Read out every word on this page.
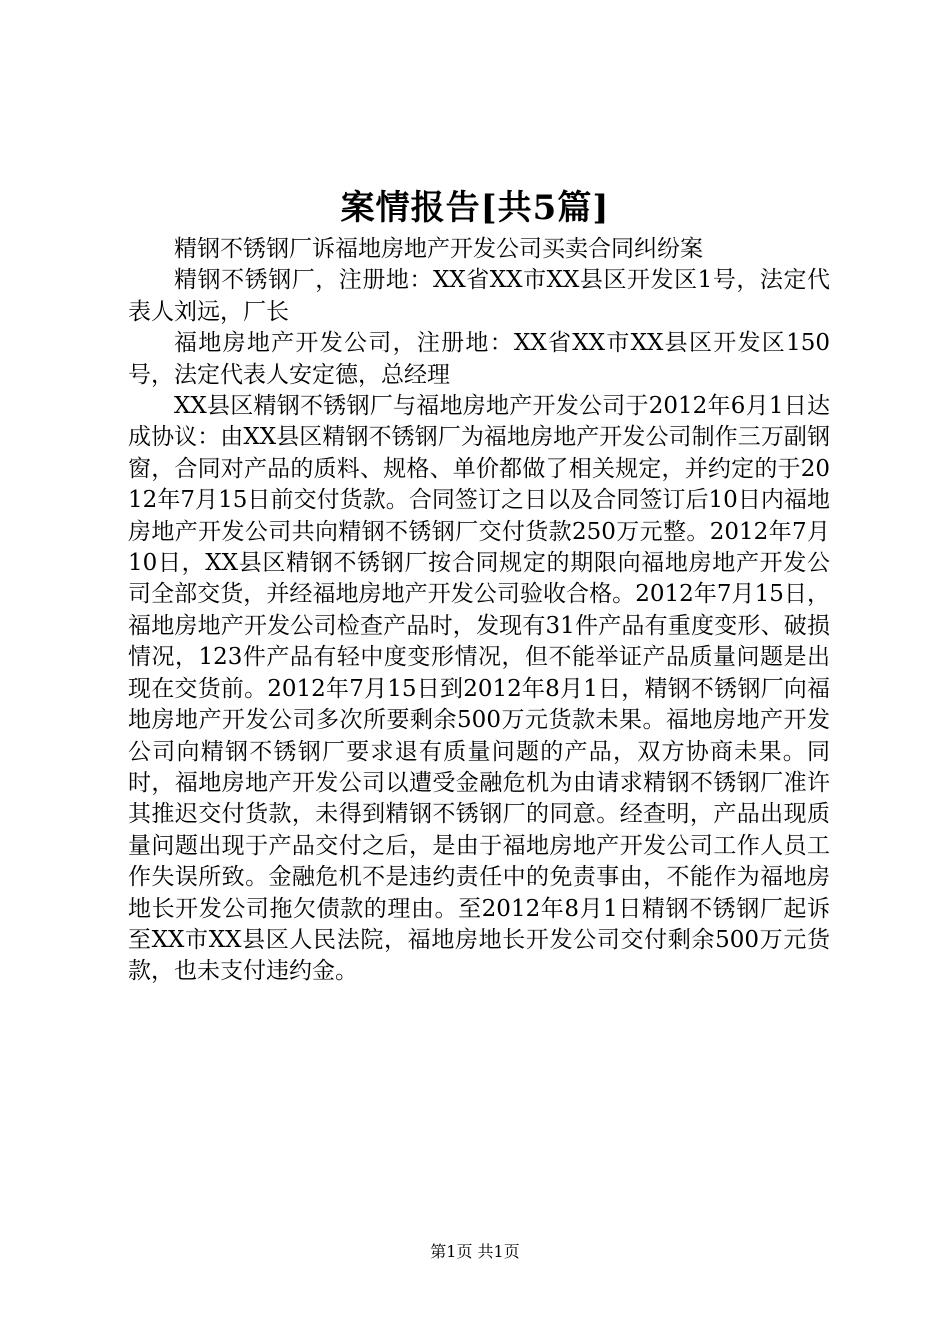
案情报告[共5篇]

精钢不锈钢厂诉福地房地产开发公司买卖合同纠纷案

精钢不锈钢厂，注册地：XX省XX市XX县区开发区1号，法定代表人刘远，厂长

福地房地产开发公司，注册地：XX省XX市XX县区开发区150号，法定代表人安定德，总经理

XX县区精钢不锈钢厂与福地房地产开发公司于2012年6月1日达成协议：由XX县区精钢不锈钢厂为福地房地产开发公司制作三万副钢窗，合同对产品的质料、规格、单价都做了相关规定，并约定的于2012年7月15日前交付货款。合同签订之日以及合同签订后10日内福地房地产开发公司共向精钢不锈钢厂交付货款250万元整。2012年7月10日，XX县区精钢不锈钢厂按合同规定的期限向福地房地产开发公司全部交货，并经福地房地产开发公司验收合格。2012年7月15日，福地房地产开发公司检查产品时，发现有31件产品有重度变形、破损情况，123件产品有轻中度变形情况，但不能举证产品质量问题是出现在交货前。2012年7月15日到2012年8月1日，精钢不锈钢厂向福地房地产开发公司多次所要剩余500万元货款未果。福地房地产开发公司向精钢不锈钢厂要求退有质量问题的产品，双方协商未果。同时，福地房地产开发公司以遭受金融危机为由请求精钢不锈钢厂准许其推迟交付货款，未得到精钢不锈钢厂的同意。经查明，产品出现质量问题出现于产品交付之后，是由于福地房地产开发公司工作人员工作失误所致。金融危机不是违约责任中的免责事由，不能作为福地房地长开发公司拖欠债款的理由。至2012年8月1日精钢不锈钢厂起诉至XX市XX县区人民法院，福地房地长开发公司交付剩余500万元货款，也未支付违约金。

第1页 共1页
